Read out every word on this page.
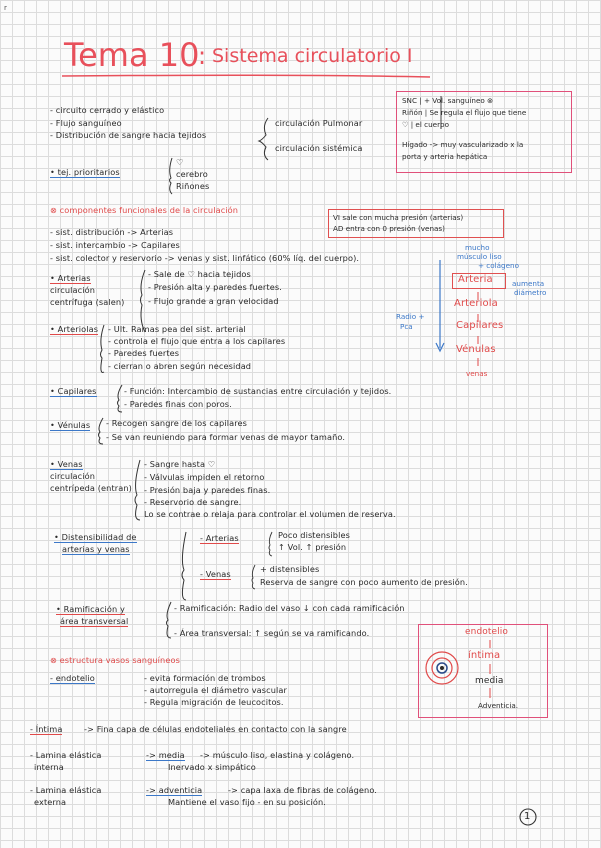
r
Tema 10
: Sistema circulatorio I
- circuito cerrado y elástico
- Flujo sanguíneo
- Distribución de sangre hacia tejidos
circulación Pulmonar
circulación sistémica
• tej. prioritarios
♡
cerebro
Riñones
SNC | + Vol. sanguíneo ⊗
Riñón | Se regula el flujo que tiene
♡ | el cuerpo
Hígado -> muy vascularizado x la
porta y arteria hepática
⊗ componentes funcionales de la circulación
- sist. distribución -> Arterias
- sist. intercambio -> Capilares
- sist. colector y reservorio -> venas y sist. linfático (60% líq. del cuerpo).
VI sale con mucha presión (arterias)
AD entra con 0 presión (venas)
mucho
músculo liso
+ colágeno
Arteria
Arteriola
Capilares
Vénulas
venas
Radio +
Pca
aumenta
diámetro
• Arterias
circulación
centrífuga (salen)
- Sale de ♡ hacia tejidos
- Presión alta y paredes fuertes.
- Flujo grande a gran velocidad
• Arteriolas - Ult. Ramas pea del sist. arterial
- controla el flujo que entra a los capilares
- Paredes fuertes
- cierran o abren según necesidad
• Capilares	- Función: Intercambio de sustancias entre circulación y tejidos.
- Paredes finas con poros.
• Vénulas - Recogen sangre de los capilares
- Se van reuniendo para formar venas de mayor tamaño.
• Venas
circulación
centrípeda (entran)
- Sangre hasta ♡
- Válvulas impiden el retorno
- Presión baja y paredes finas.
- Reservorio de sangre.
Lo se contrae o relaja para controlar el volumen de reserva.
• Distensibilidad de
arterias y venas
- Arterias	Poco distensibles
↑ Vol. ↑ presión
- Venas	+ distensibles
Reserva de sangre con poco aumento de presión.
• Ramificación y
área transversal
- Ramificación: Radio del vaso ↓ con cada ramificación
- Área transversal: ↑ según se va ramificando.
⊗ estructura vasos sanguíneos
- endotelio	- evita formación de trombos
- autorregula el diámetro vascular
- Regula migración de leucocitos.
endotelio
íntima
media
Adventicia.
- Íntima	-> Fina capa de células endoteliales en contacto con la sangre
- Lamina elástica
interna
-> media -> músculo liso, elastina y colágeno.
Inervado x simpático
- Lamina elástica
externa
-> adventicia	-> capa laxa de fibras de colágeno.
Mantiene el vaso fijo - en su posición.
1
